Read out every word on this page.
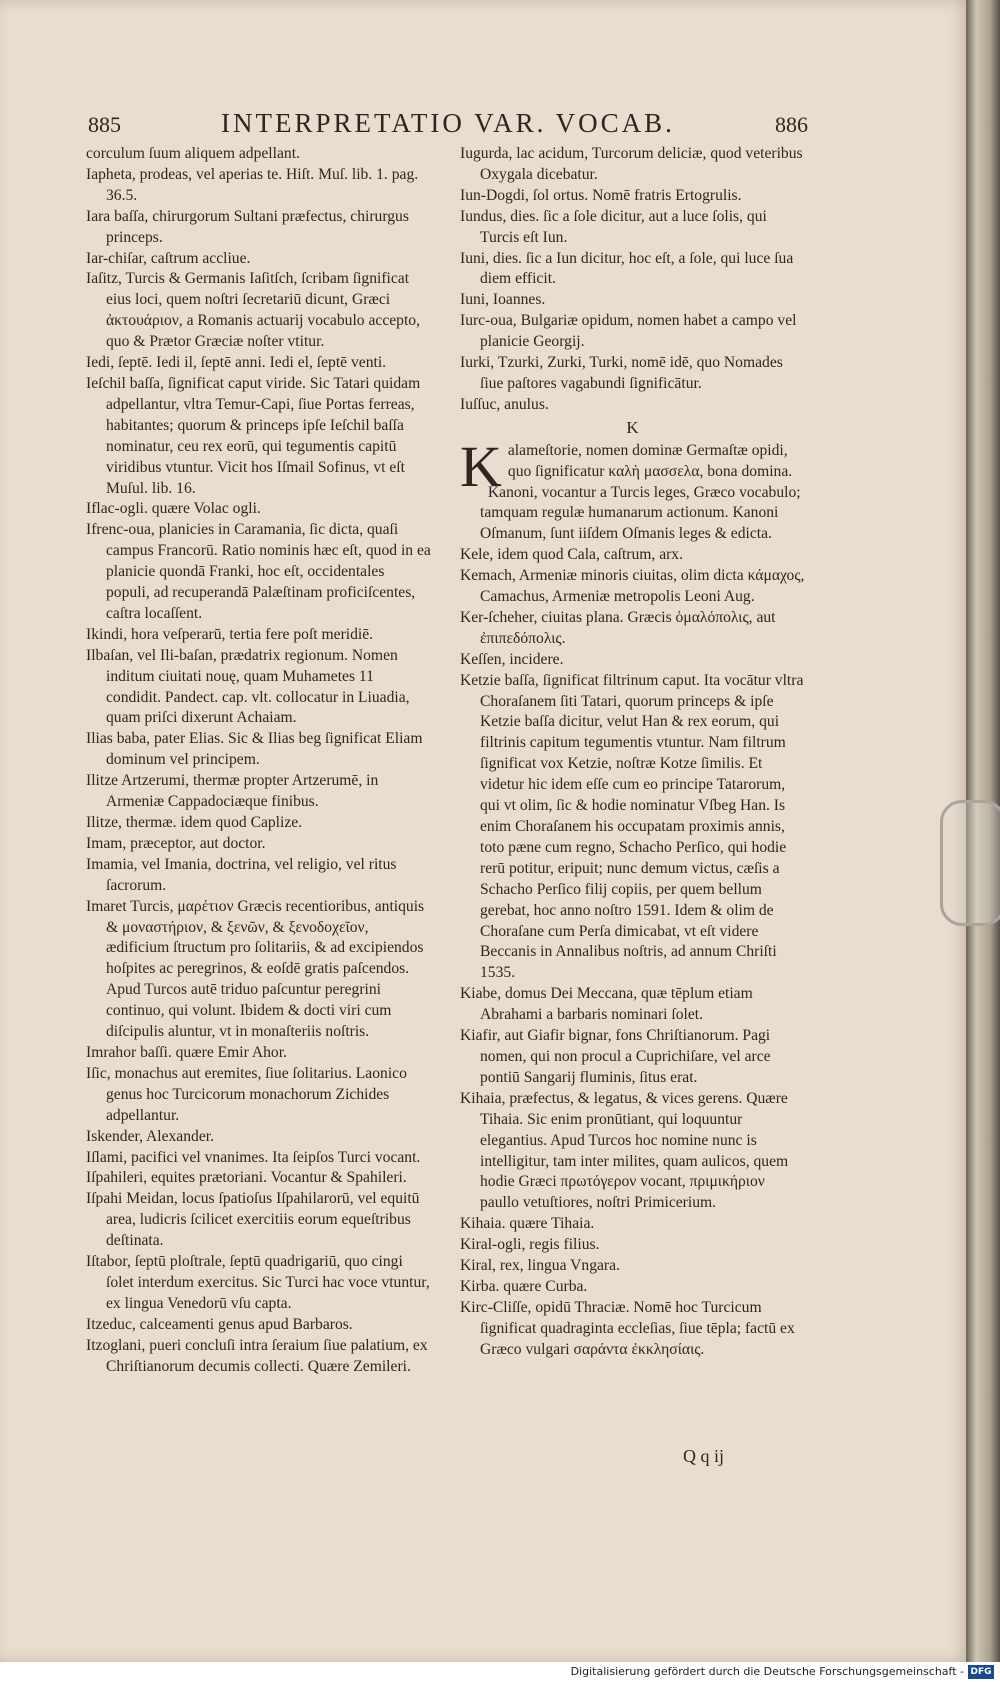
885	INTERPRETATIO VAR. VOCAB.	886

corculum ſuum aliquem adpellant.

Iapheta, prodeas, vel aperias te. Hiſt. Muſ. lib. 1. pag. 36.5.

Iara baſſa, chirurgorum Sultani præfectus, chirurgus princeps.

Iar-chiſar, caſtrum accliue.

Iaſitz, Turcis & Germanis Iaſitſch, ſcribam ſignificat eius loci, quem noſtri ſecretariū dicunt, Græci ἀκτουάριον, a Romanis actuarij vocabulo accepto, quo & Prætor Græciæ noſter vtitur.

Iedi, ſeptē. Iedi il, ſeptē anni. Iedi el, ſeptē venti.

Ieſchil baſſa, ſignificat caput viride. Sic Tatari quidam adpellantur, vltra Temur-Capi, ſiue Portas ferreas, habitantes; quorum & princeps ipſe Ieſchil baſſa nominatur, ceu rex eorū, qui tegumentis capitū viridibus vtuntur. Vicit hos Iſmail Sofinus, vt eſt Muſul. lib. 16.

Iflac-ogli. quære Volac ogli.

Ifrenc-oua, planicies in Caramania, ſic dicta, quaſi campus Francorū. Ratio nominis hæc eſt, quod in ea planicie quondā Franki, hoc eſt, occidentales populi, ad recuperandā Palæſtinam proficiſcentes, caſtra locaſſent.

Ikindi, hora veſperarū, tertia fere poſt meridiē.

Ilbaſan, vel Ili-baſan, prædatrix regionum. Nomen inditum ciuitati nouę, quam Muhametes 11 condidit. Pandect. cap. vlt. collocatur in Liuadia, quam priſci dixerunt Achaiam.

Ilias baba, pater Elias. Sic & Ilias beg ſignificat Eliam dominum vel principem.

Ilitze Artzerumi, thermæ propter Artzerumē, in Armeniæ Cappadociæque finibus.

Ilitze, thermæ. idem quod Caplize.

Imam, præceptor, aut doctor.

Imamia, vel Imania, doctrina, vel religio, vel ritus ſacrorum.

Imaret Turcis, μαρέτιον Græcis recentioribus, antiquis & μοναστήριον, & ξενῶν, & ξενοδοχεῖον, ædificium ſtructum pro ſolitariis, & ad excipiendos hoſpites ac peregrinos, & eoſdē gratis paſcendos. Apud Turcos autē triduo paſcuntur peregrini continuo, qui volunt. Ibidem & docti viri cum diſcipulis aluntur, vt in monaſteriis noſtris.

Imrahor baſſi. quære Emir Ahor.

Iſic, monachus aut eremites, ſiue ſolitarius. Laonico genus hoc Turcicorum monachorum Zichides adpellantur.

Iskender, Alexander.

Iſlami, pacifici vel vnanimes. Ita ſeipſos Turci vocant.

Iſpahileri, equites prætoriani. Vocantur & Spahileri.

Iſpahi Meidan, locus ſpatioſus Iſpahilarorū, vel equitū area, ludicris ſcilicet exercitiis eorum equeſtribus deſtinata.

Iſtabor, ſeptū ploſtrale, ſeptū quadrigariū, quo cingi ſolet interdum exercitus. Sic Turci hac voce vtuntur, ex lingua Venedorū vſu capta.

Itzeduc, calceamenti genus apud Barbaros.

Itzoglani, pueri concluſi intra ſeraium ſiue palatium, ex Chriſtianorum decumis collecti. Quære Zemileri.

Iugurda, lac acidum, Turcorum deliciæ, quod veteribus Oxygala dicebatur.

Iun-Dogdi, ſol ortus. Nomē fratris Ertogrulis.

Iundus, dies. ſic a ſole dicitur, aut a luce ſolis, qui Turcis eſt Iun.

Iuni, dies. ſic a Iun dicitur, hoc eſt, a ſole, qui luce ſua diem efficit.

Iuni, Ioannes.

Iurc-oua, Bulgariæ opidum, nomen habet a campo vel planicie Georgij.

Iurki, Tzurki, Zurki, Turki, nomē idē, quo Nomades ſiue paſtores vagabundi ſignificātur.

Iuſſuc, anulus.

K

Kalameſtorie, nomen dominæ Germaſtæ opidi, quo ſignificatur καλὴ μασσελα, bona domina.

Kanoni, vocantur a Turcis leges, Græco vocabulo; tamquam regulæ humanarum actionum. Kanoni Oſmanum, ſunt iiſdem Oſmanis leges & edicta.

Kele, idem quod Cala, caſtrum, arx.

Kemach, Armeniæ minoris ciuitas, olim dicta κάμαχος, Camachus, Armeniæ metropolis Leoni Aug.

Ker-ſcheher, ciuitas plana. Græcis ὁμαλόπολις, aut ἐπιπεδόπολις.

Keſſen, incidere.

Ketzie baſſa, ſignificat filtrinum caput. Ita vocātur vltra Choraſanem ſiti Tatari, quorum princeps & ipſe Ketzie baſſa dicitur, velut Han & rex eorum, qui filtrinis capitum tegumentis vtuntur. Nam filtrum ſignificat vox Ketzie, noſtræ Kotze ſimilis. Et videtur hic idem eſſe cum eo principe Tatarorum, qui vt olim, ſic & hodie nominatur Vſbeg Han. Is enim Choraſanem his occupatam proximis annis, toto pæne cum regno, Schacho Perſico, qui hodie rerū potitur, eripuit; nunc demum victus, cæſis a Schacho Perſico filij copiis, per quem bellum gerebat, hoc anno noſtro 1591. Idem & olim de Choraſane cum Perſa dimicabat, vt eſt videre Beccanis in Annalibus noſtris, ad annum Chriſti 1535.

Kiabe, domus Dei Meccana, quæ tēplum etiam Abrahami a barbaris nominari ſolet.

Kiafir, aut Giafir bignar, fons Chriſtianorum. Pagi nomen, qui non procul a Cuprichiſare, vel arce pontiū Sangarij fluminis, ſitus erat.

Kihaia, præfectus, & legatus, & vices gerens. Quære Tihaia. Sic enim pronūtiant, qui loquuntur elegantius. Apud Turcos hoc nomine nunc is intelligitur, tam inter milites, quam aulicos, quem hodie Græci πρωτόγερον vocant, πριμικήριον paullo vetuſtiores, noſtri Primicerium.

Kihaia. quære Tihaia.

Kiral-ogli, regis filius.

Kiral, rex, lingua Vngara.

Kirba. quære Curba.

Kirc-Cliſſe, opidū Thraciæ. Nomē hoc Turcicum ſignificat quadraginta eccleſias, ſiue tēpla; factū ex Græco vulgari σαράντα ἐκκλησίαις.

Q q ij
Digitalisierung gefördert durch die Deutsche Forschungsgemeinschaft - DFG
